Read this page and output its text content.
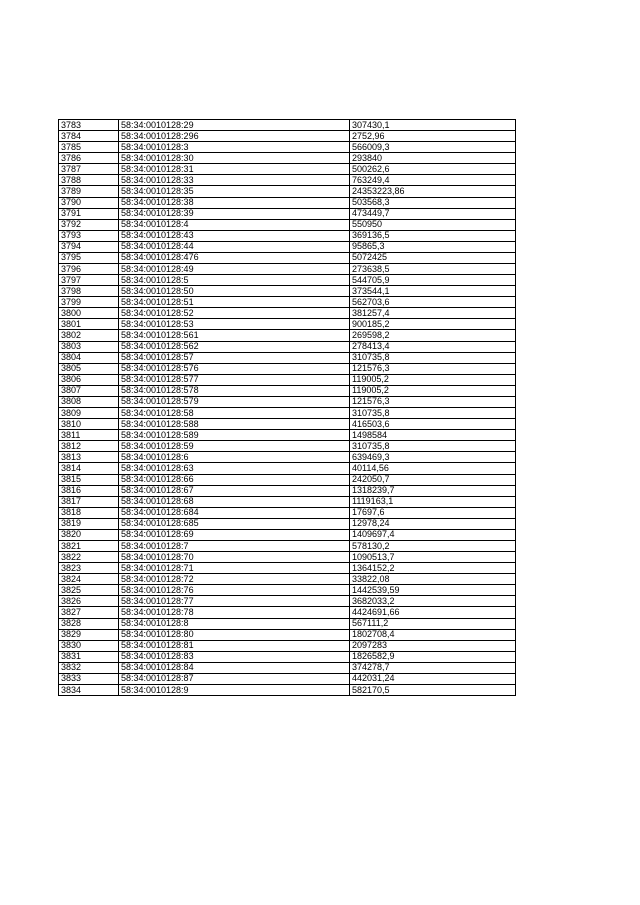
3783	58:34:0010128:29	307430,1
3784	58:34:0010128:296	2752,96
3785	58:34:0010128:3	566009,3
3786	58:34:0010128:30	293840
3787	58:34:0010128:31	500262,6
3788	58:34:0010128:33	763249,4
3789	58:34:0010128:35	24353223,86
3790	58:34:0010128:38	503568,3
3791	58:34:0010128:39	473449,7
3792	58:34:0010128:4	550950
3793	58:34:0010128:43	369136,5
3794	58:34:0010128:44	95865,3
3795	58:34:0010128:476	5072425
3796	58:34:0010128:49	273638,5
3797	58:34:0010128:5	544705,9
3798	58:34:0010128:50	373544,1
3799	58:34:0010128:51	562703,6
3800	58:34:0010128:52	381257,4
3801	58:34:0010128:53	900185,2
3802	58:34:0010128:561	269598,2
3803	58:34:0010128:562	278413,4
3804	58:34:0010128:57	310735,8
3805	58:34:0010128:576	121576,3
3806	58:34:0010128:577	119005,2
3807	58:34:0010128:578	119005,2
3808	58:34:0010128:579	121576,3
3809	58:34:0010128:58	310735,8
3810	58:34:0010128:588	416503,6
3811	58:34:0010128:589	1498584
3812	58:34:0010128:59	310735,8
3813	58:34:0010128:6	639469,3
3814	58:34:0010128:63	40114,56
3815	58:34:0010128:66	242050,7
3816	58:34:0010128:67	1318239,7
3817	58:34:0010128:68	1119163,1
3818	58:34:0010128:684	17697,6
3819	58:34:0010128:685	12978,24
3820	58:34:0010128:69	1409697,4
3821	58:34:0010128:7	578130,2
3822	58:34:0010128:70	1090513,7
3823	58:34:0010128:71	1364152,2
3824	58:34:0010128:72	33822,08
3825	58:34:0010128:76	1442539,59
3826	58:34:0010128:77	3682033,2
3827	58:34:0010128:78	4424691,66
3828	58:34:0010128:8	567111,2
3829	58:34:0010128:80	1802708,4
3830	58:34:0010128:81	2097283
3831	58:34:0010128:83	1826582,9
3832	58:34:0010128:84	374278,7
3833	58:34:0010128:87	442031,24
3834	58:34:0010128:9	582170,5
